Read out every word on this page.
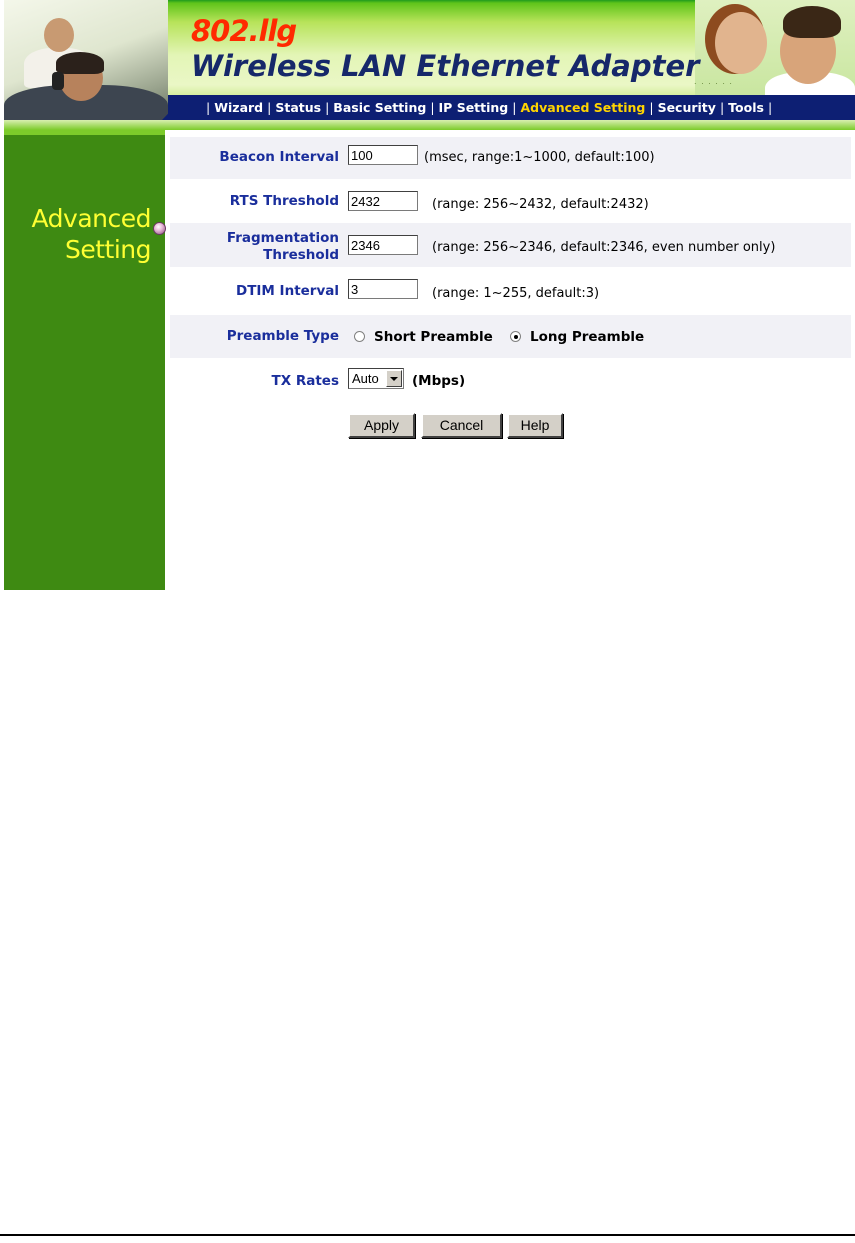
802.llg
Wireless LAN Ethernet Adapter
. . . . . .
| Wizard | Status | Basic Setting | IP Setting | Advanced Setting | Security | Tools |
Advanced
Setting
Beacon Interval
100	(msec, range:1~1000, default:100)
RTS Threshold
2432	(range: 256~2432, default:2432)
Fragmentation
Threshold
2346	(range: 256~2346, default:2346, even number only)
DTIM Interval
3	(range: 1~255, default:3)
Preamble Type	Short Preamble	Long Preamble
TX Rates Auto (Mbps)
Apply	Cancel	Help
